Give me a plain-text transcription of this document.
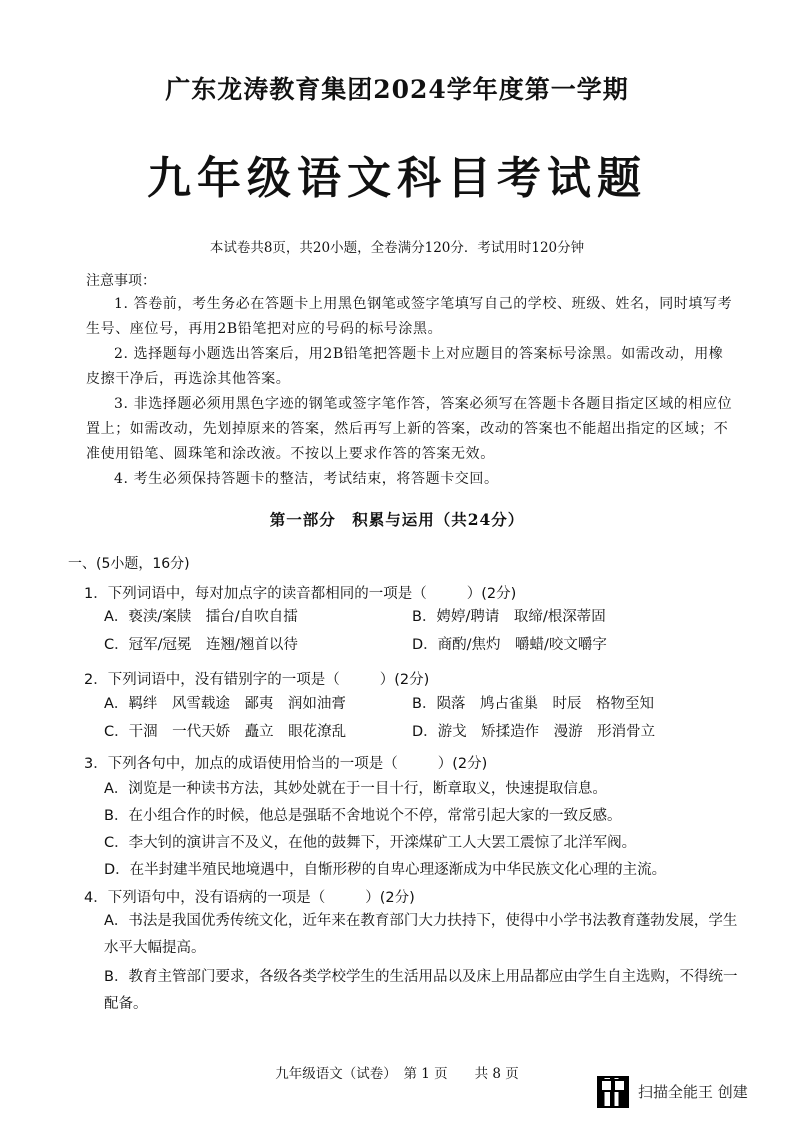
广东龙涛教育集团2024学年度第一学期
九年级语文科目考试题
本试卷共8页，共20小题，全卷满分120分．考试用时120分钟
注意事项：
1. 答卷前，考生务必在答题卡上用黑色钢笔或签字笔填写自己的学校、班级、姓名，同时填写考生号、座位号，再用2B铅笔把对应的号码的标号涂黑。
2. 选择题每小题选出答案后，用2B铅笔把答题卡上对应题目的答案标号涂黑。如需改动，用橡皮擦干净后，再选涂其他答案。
3. 非选择题必须用黑色字迹的钢笔或签字笔作答，答案必须写在答题卡各题目指定区域的相应位置上；如需改动，先划掉原来的答案，然后再写上新的答案，改动的答案也不能超出指定的区域；不准使用铅笔、圆珠笔和涂改液。不按以上要求作答的答案无效。
4. 考生必须保持答题卡的整洁，考试结束，将答题卡交回。
第一部分　积累与运用（共24分）
一、(5小题，16分)
1．下列词语中，每对加点字的读音都相同的一项是（	）(2分)
A．亵渎/案牍　擂台/自吹自擂	B．娉婷/聘请　取缔/根深蒂固
C．冠军/冠冕　连翘/翘首以待	D．商酌/焦灼　嚼蜡/咬文嚼字
2．下列词语中，没有错别字的一项是（	）(2分)
A．羁绊　风雪载途　鄙夷　润如油膏	B．陨落　鸠占雀巢　时辰　格物至知
C．干涸　一代天娇　矗立　眼花潦乱	D．游戈　矫揉造作　漫游　形消骨立
3．下列各句中，加点的成语使用恰当的一项是（	）(2分)
A．浏览是一种读书方法，其妙处就在于一目十行，断章取义，快速提取信息。
B．在小组合作的时候，他总是强聒不舍地说个不停，常常引起大家的一致反感。
C．李大钊的演讲言不及义，在他的鼓舞下，开滦煤矿工人大罢工震惊了北洋军阀。
D．在半封建半殖民地境遇中，自惭形秽的自卑心理逐渐成为中华民族文化心理的主流。
4．下列语句中，没有语病的一项是（	）(2分)
A．书法是我国优秀传统文化，近年来在教育部门大力扶持下，使得中小学书法教育蓬勃发展，学生水平大幅提高。
B．教育主管部门要求，各级各类学校学生的生活用品以及床上用品都应由学生自主选购，不得统一配备。
九年级语文（试卷）　第 1 页　　共 8 页
扫描全能王 创建
